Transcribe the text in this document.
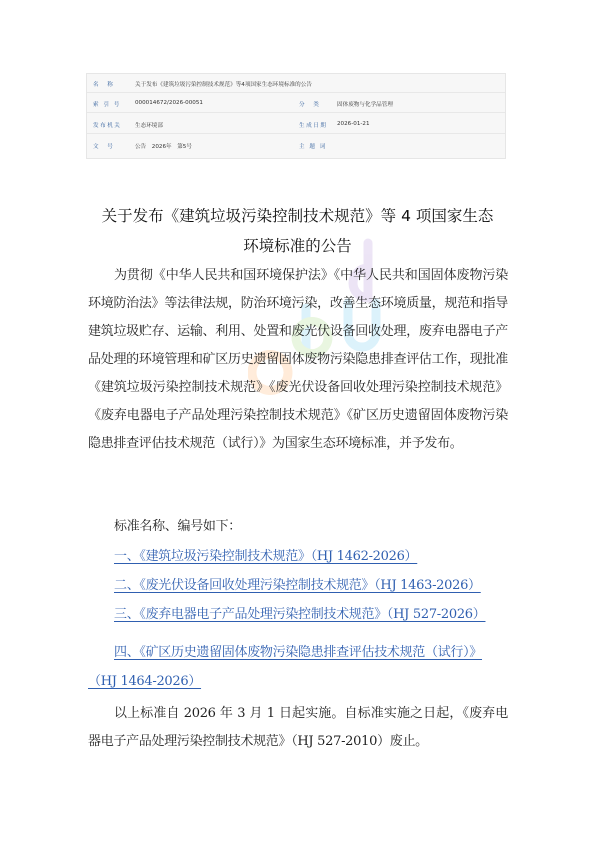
名　称	关于发布《建筑垃圾污染控制技术规范》等4项国家生态环境标准的公告
索 引 号	000014672/2026-00051	分　类	固体废物与化学品管理
发布机关 生态环境部	生成日期 2026-01-21
文　号	公告　2026年　第5号	主 题 词
关于发布《建筑垃圾污染控制技术规范》等 4 项国家生态
环境标准的公告

为贯彻《中华人民共和国环境保护法》《中华人民共和国固体废物污染环境防治法》等法律法规，防治环境污染，改善生态环境质量，规范和指导建筑垃圾贮存、运输、利用、处置和废光伏设备回收处理，废弃电器电子产品处理的环境管理和矿区历史遗留固体废物污染隐患排查评估工作，现批准《建筑垃圾污染控制技术规范》《废光伏设备回收处理污染控制技术规范》《废弃电器电子产品处理污染控制技术规范》《矿区历史遗留固体废物污染隐患排查评估技术规范（试行）》为国家生态环境标准，并予发布。

标准名称、编号如下：
一、《建筑垃圾污染控制技术规范》（HJ 1462-2026）
二、《废光伏设备回收处理污染控制技术规范》（HJ 1463-2026）
三、《废弃电器电子产品处理污染控制技术规范》（HJ 527-2026）
四、《矿区历史遗留固体废物污染隐患排查评估技术规范（试行）》
（HJ 1464-2026）

以上标准自 2026 年 3 月 1 日起实施。自标准实施之日起，《废弃电器电子产品处理污染控制技术规范》（HJ 527-2010）废止。
